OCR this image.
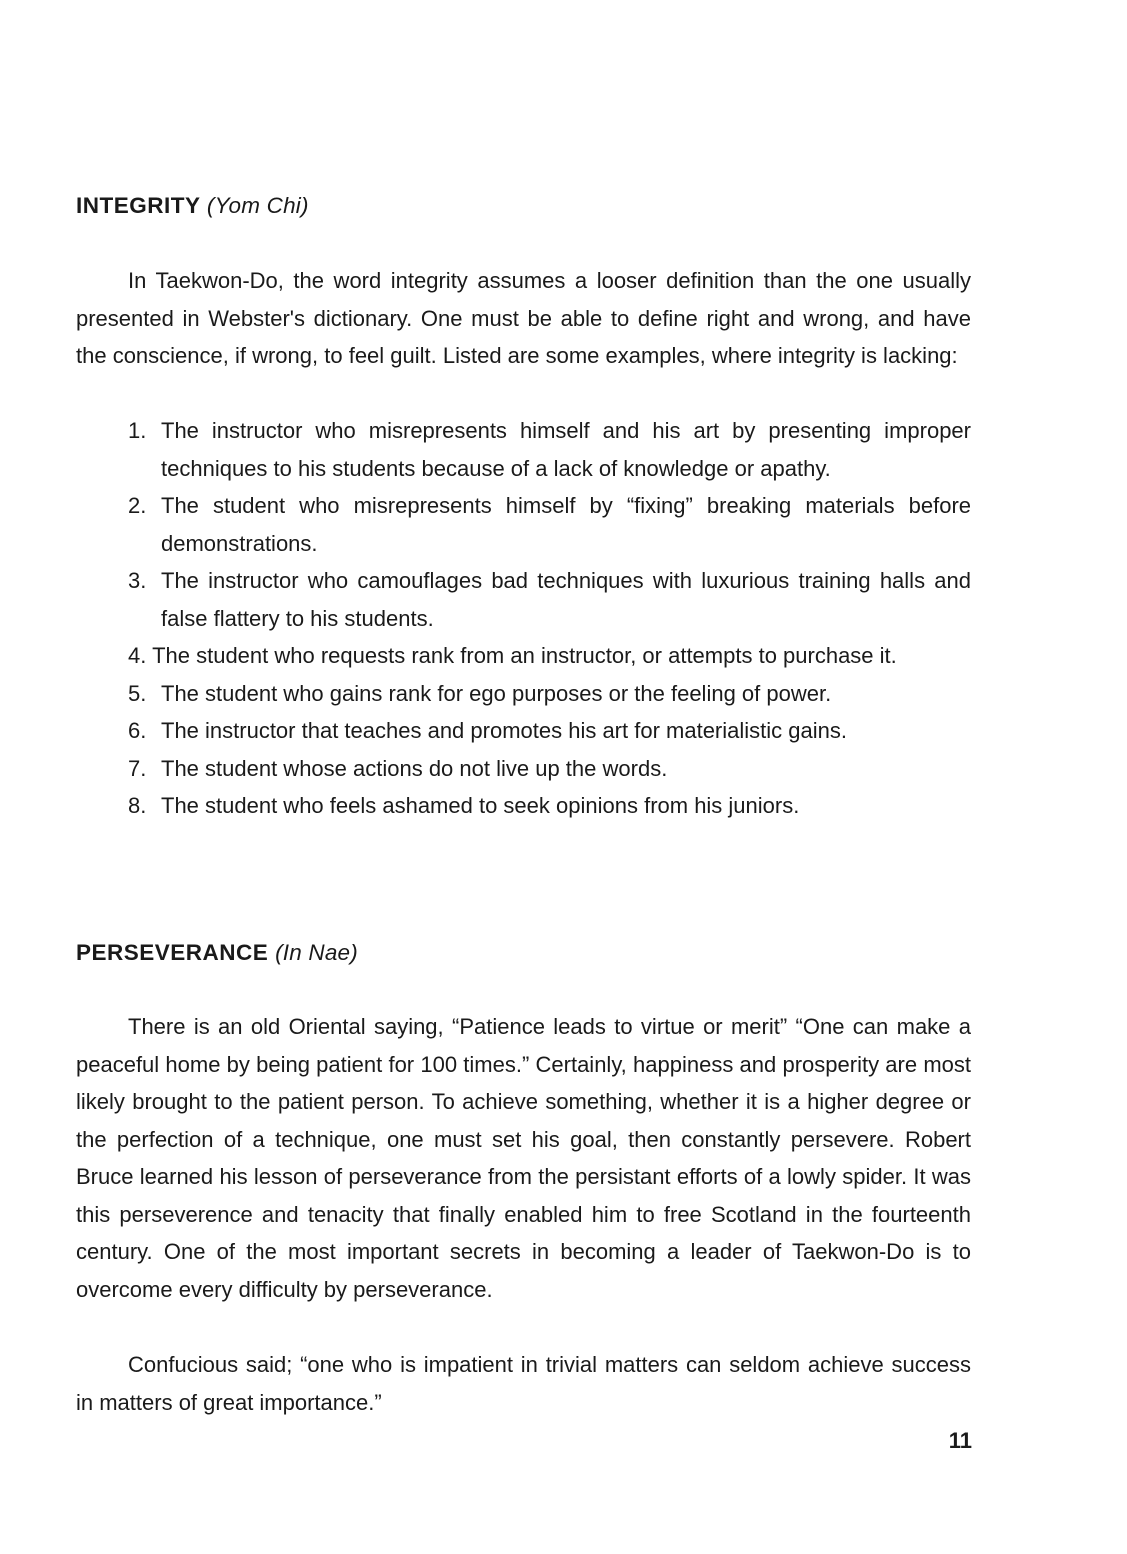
INTEGRITY (Yom Chi)

In Taekwon-Do, the word integrity assumes a looser definition than the one usually presented in Webster's dictionary. One must be able to define right and wrong, and have the conscience, if wrong, to feel guilt. Listed are some examples, where integrity is lacking:

1. The instructor who misrepresents himself and his art by presenting improper techniques to his students because of a lack of knowledge or apathy.
2. The student who misrepresents himself by “fixing” breaking materials before demonstrations.
3. The instructor who camouflages bad techniques with luxurious training halls and false flattery to his students.
4. The student who requests rank from an instructor, or attempts to purchase it.
5. The student who gains rank for ego purposes or the feeling of power.
6. The instructor that teaches and promotes his art for materialistic gains.
7. The student whose actions do not live up the words.
8. The student who feels ashamed to seek opinions from his juniors.
PERSEVERANCE (In Nae)

There is an old Oriental saying, “Patience leads to virtue or merit” “One can make a peaceful home by being patient for 100 times.” Certainly, happiness and prosperity are most likely brought to the patient person. To achieve something, whether it is a higher degree or the perfection of a technique, one must set his goal, then constantly persevere. Robert Bruce learned his lesson of perseverance from the persistant efforts of a lowly spider. It was this perseverence and tenacity that finally enabled him to free Scotland in the fourteenth century. One of the most important secrets in becoming a leader of Taekwon-Do is to overcome every difficulty by perseverance.

Confucious said; “one who is impatient in trivial matters can seldom achieve success in matters of great importance.”

11
